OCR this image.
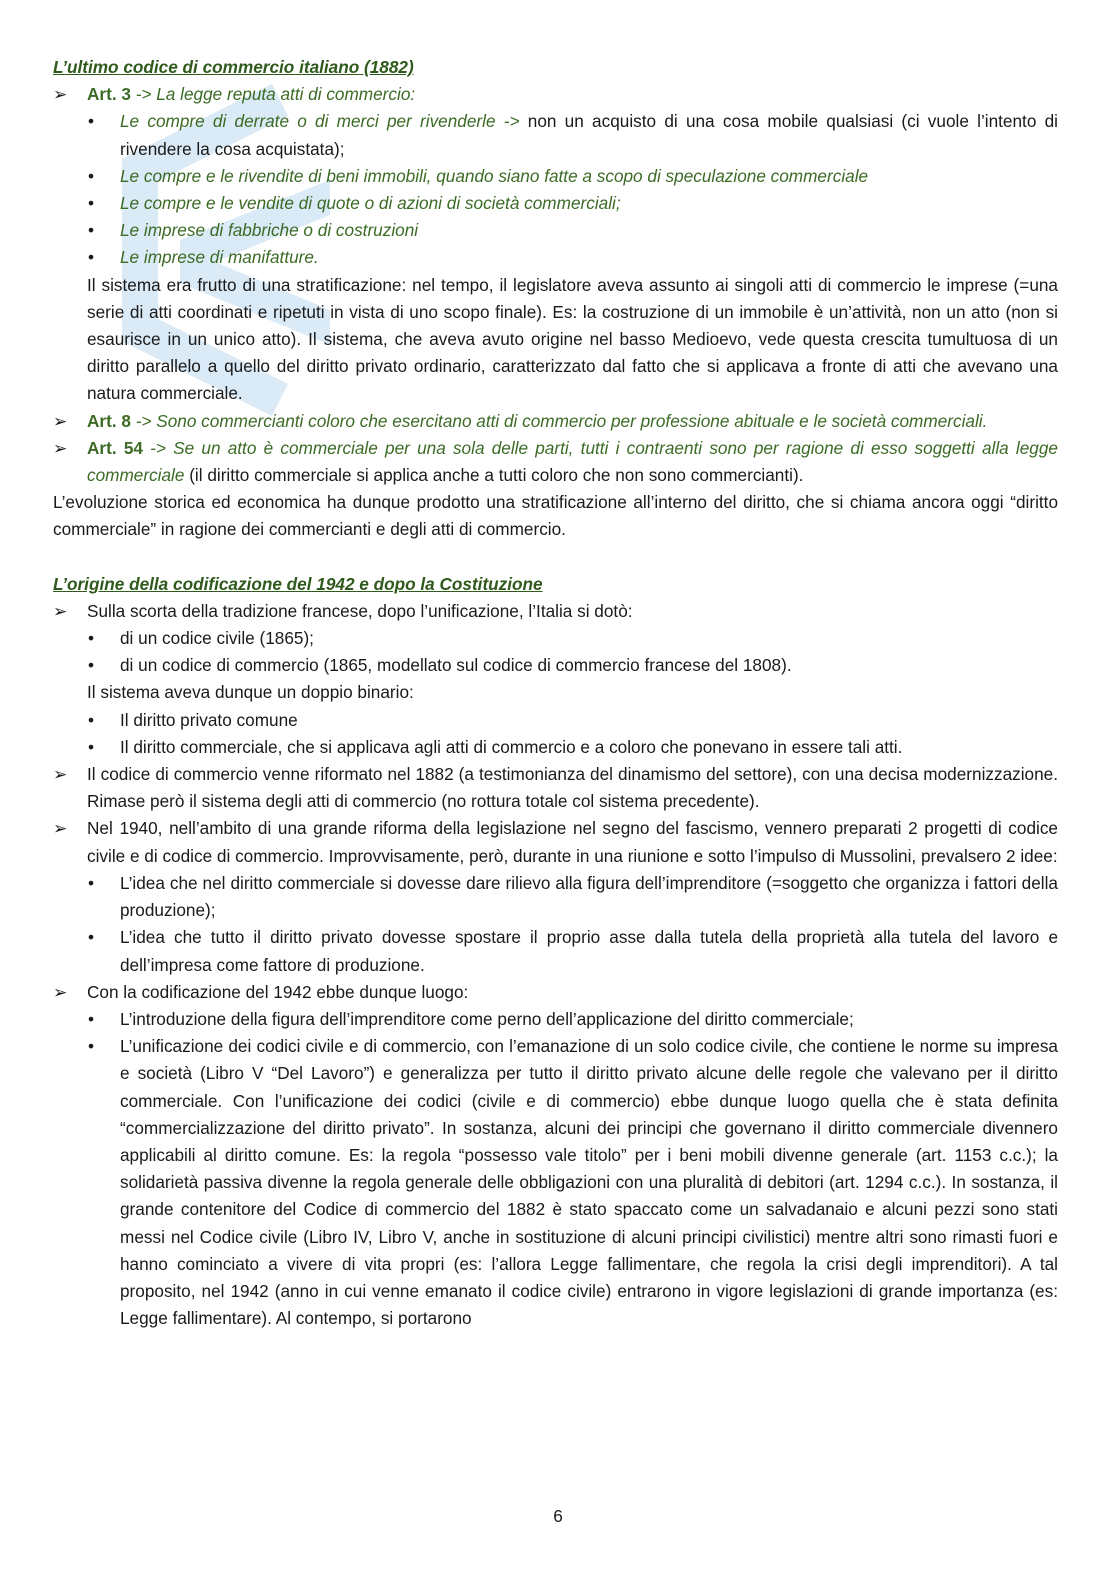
L’ultimo codice di commercio italiano (1882)

➢	Art. 3 -> La legge reputa atti di commercio:
• Le compre di derrate o di merci per rivenderle -> non un acquisto di una cosa mobile qualsiasi (ci vuole l’intento di rivendere la cosa acquistata);
• Le compre e le rivendite di beni immobili, quando siano fatte a scopo di speculazione commerciale
• Le compre e le vendite di quote o di azioni di società commerciali;
• Le imprese di fabbriche o di costruzioni
• Le imprese di manifatture.

Il sistema era frutto di una stratificazione: nel tempo, il legislatore aveva assunto ai singoli atti di commercio le imprese (=una serie di atti coordinati e ripetuti in vista di uno scopo finale). Es: la costruzione di un immobile è un’attività, non un atto (non si esaurisce in un unico atto). Il sistema, che aveva avuto origine nel basso Medioevo, vede questa crescita tumultuosa di un diritto parallelo a quello del diritto privato ordinario, caratterizzato dal fatto che si applicava a fronte di atti che avevano una natura commerciale.

➢	Art. 8 -> Sono commercianti coloro che esercitano atti di commercio per professione abituale e le società commerciali.
➢	Art. 54 -> Se un atto è commerciale per una sola delle parti, tutti i contraenti sono per ragione di esso soggetti alla legge commerciale (il diritto commerciale si applica anche a tutti coloro che non sono commercianti).

L’evoluzione storica ed economica ha dunque prodotto una stratificazione all’interno del diritto, che si chiama ancora oggi “diritto commerciale” in ragione dei commercianti e degli atti di commercio.

L’origine della codificazione del 1942 e dopo la Costituzione

➢	Sulla scorta della tradizione francese, dopo l’unificazione, l’Italia si dotò:
• di un codice civile (1865);
• di un codice di commercio (1865, modellato sul codice di commercio francese del 1808).

Il sistema aveva dunque un doppio binario:

• Il diritto privato comune
• Il diritto commerciale, che si applicava agli atti di commercio e a coloro che ponevano in essere tali atti.
➢	Il codice di commercio venne riformato nel 1882 (a testimonianza del dinamismo del settore), con una decisa modernizzazione. Rimase però il sistema degli atti di commercio (no rottura totale col sistema precedente).
➢	Nel 1940, nell’ambito di una grande riforma della legislazione nel segno del fascismo, vennero preparati 2 progetti di codice civile e di codice di commercio. Improvvisamente, però, durante in una riunione e sotto l’impulso di Mussolini, prevalsero 2 idee:
• L’idea che nel diritto commerciale si dovesse dare rilievo alla figura dell’imprenditore (=soggetto che organizza i fattori della produzione);
• L’idea che tutto il diritto privato dovesse spostare il proprio asse dalla tutela della proprietà alla tutela del lavoro e dell’impresa come fattore di produzione.
➢	Con la codificazione del 1942 ebbe dunque luogo:
• L’introduzione della figura dell’imprenditore come perno dell’applicazione del diritto commerciale;
• L’unificazione dei codici civile e di commercio, con l’emanazione di un solo codice civile, che contiene le norme su impresa e società (Libro V “Del Lavoro”) e generalizza per tutto il diritto privato alcune delle regole che valevano per il diritto commerciale. Con l’unificazione dei codici (civile e di commercio) ebbe dunque luogo quella che è stata definita “commercializzazione del diritto privato”. In sostanza, alcuni dei principi che governano il diritto commerciale divennero applicabili al diritto comune. Es: la regola “possesso vale titolo” per i beni mobili divenne generale (art. 1153 c.c.); la solidarietà passiva divenne la regola generale delle obbligazioni con una pluralità di debitori (art. 1294 c.c.). In sostanza, il grande contenitore del Codice di commercio del 1882 è stato spaccato come un salvadanaio e alcuni pezzi sono stati messi nel Codice civile (Libro IV, Libro V, anche in sostituzione di alcuni principi civilistici) mentre altri sono rimasti fuori e hanno cominciato a vivere di vita propri (es: l’allora Legge fallimentare, che regola la crisi degli imprenditori). A tal proposito, nel 1942 (anno in cui venne emanato il codice civile) entrarono in vigore legislazioni di grande importanza (es: Legge fallimentare). Al contempo, si portarono
6
